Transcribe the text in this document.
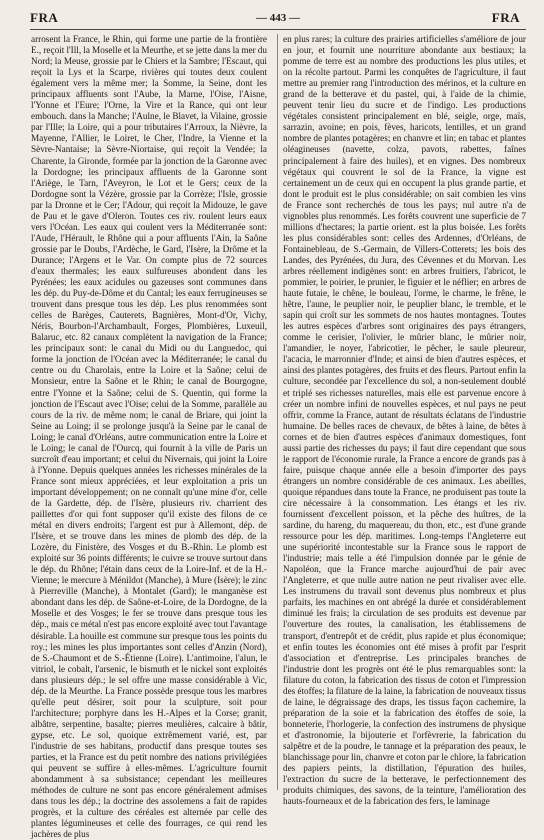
FRA	— 443 —	FRA

arrosent la France, le Rhin, qui forme une partie de la frontière E., reçoit l'Ill, la Moselle et la Meurthe, et se jette dans la mer du Nord; la Meuse, grossie par le Chiers et la Sambre; l'Escaut, qui reçoit la Lys et la Scarpe, rivières qui toutes deux coulent également vers la même mer; la Somme, la Seine, dont les principaux affluents sont l'Aube, la Marne, l'Oise, l'Aisne, l'Yonne et l'Eure; l'Orne, la Vire et la Rance, qui ont leur embouch. dans la Manche; l'Aulne, le Blavet, la Vilaine, grossie par l'Ille; la Loire, qui a pour tributaires l'Arroux, la Nièvre, la Mayenne, l'Allier, le Loiret, le Cher, l'Indre, la Vienne et la Sèvre-Nantaise; la Sèvre-Niortaise, qui reçoit la Vendée; la Charente, la Gironde, formée par la jonction de la Garonne avec la Dordogne; les principaux affluents de la Garonne sont l'Ariège, le Tarn, l'Aveyron, le Lot et le Gers; ceux de la Dordogne sont la Vézère, grossie par la Corrèze; l'Isle, grossie par la Dronne et le Cer; l'Adour, qui reçoit la Midouze, le gave de Pau et le gave d'Oleron. Toutes ces riv. roulent leurs eaux vers l'Océan. Les eaux qui coulent vers la Méditerranée sont: l'Aude, l'Hérault, le Rhône qui a pour affluents l'Ain, la Saône grossie par le Doubs, l'Ardèche, le Gard, l'Isère, la Drôme et la Durance; l'Argens et le Var. On compte plus de 72 sources d'eaux thermales; les eaux sulfureuses abondent dans les Pyrénées; les eaux acidules ou gazeuses sont communes dans les dép. du Puy-de-Dôme et du Cantal; les eaux ferrugineuses se trouvent dans presque tous les dép. Les plus renommées sont celles de Barèges, Cauterets, Bagnières, Mont-d'Or, Vichy, Néris, Bourbon-l'Archambault, Forges, Plombières, Luxeuil, Balaruc, etc. 82 canaux complètent la navigation de la France; les principaux sont: le canal du Midi ou du Languedoc, qui forme la jonction de l'Océan avec la Méditerranée; le canal du centre ou du Charolais, entre la Loire et la Saône; celui de Monsieur, entre la Saône et le Rhin; le canal de Bourgogne, entre l'Yonne et la Saône; celui de S. Quentin, qui forme la jonction de l'Escaut avec l'Oise; celui de la Somme, parallèle au cours de la riv. de même nom; le canal de Briare, qui joint la Seine au Loing; il se prolonge jusqu'à la Seine par le canal de Loing; le canal d'Orléans, autre communication entre la Loire et le Loing; le canal de l'Ourcq, qui fournit à la ville de Paris un surcroît d'eau important; et celui du Nivernais, qui joint la Loire à l'Yonne. Depuis quelques années les richesses minérales de la France sont mieux appréciées, et leur exploitation a pris un important développement; on ne connaît qu'une mine d'or, celle de la Gardette, dép. de l'Isère, plusieurs riv. charrient des paillettes d'or qui font supposer qu'il existe des filons de ce métal en divers endroits; l'argent est pur à Allemont, dép. de l'Isère, et se trouve dans les mines de plomb des dép. de la Lozère, du Finistère, des Vosges et du B.-Rhin. Le plomb est exploité sur 36 points différents; le cuivre se trouve surtout dans le dép. du Rhône; l'étain dans ceux de la Loire-Inf. et de la H.-Vienne; le mercure à Ménildot (Manche), à Mure (Isère); le zinc à Pierreville (Manche), à Montalet (Gard); le manganèse est abondant dans les dép. de Saône-et-Loire, de la Dordogne, de la Moselle et des Vosges; le fer se trouve dans presque tous les dép., mais ce métal n'est pas encore exploité avec tout l'avantage désirable. La houille est commune sur presque tous les points du roy.; les mines les plus importantes sont celles d'Anzin (Nord), de S.-Chaumont et de S.-Étienne (Loire). L'antimoine, l'alun, le vitriol, le cobalt, l'arsenic, le bismuth et le nickel sont exploités dans plusieurs dép.; le sel offre une masse considérable à Vic, dép. de la Meurthe. La France possède presque tous les marbres qu'elle peut désirer, soit pour la sculpture, soit pour l'architecture; porphyre dans les H.-Alpes et la Corse; granit, albâtre, serpentine, basalte; pierres meulières, calcaire à bâtir, gypse, etc. Le sol, quoique extrêmement varié, est, par l'industrie de ses habitans, productif dans presque toutes ses parties, et la France est du petit nombre des nations privilégiées qui peuvent se suffire à elles-mêmes. L'agriculture fournit abondamment à sa subsistance; cependant les meilleures méthodes de culture ne sont pas encore généralement admises dans tous les dép.; la doctrine des assolemens a fait de rapides progrès, et la culture des céréales est alternée par celle des plantes légumineuses et celle des fourrages, ce qui rend les jachères de plus

en plus rares; la culture des prairies artificielles s'améliore de jour en jour, et fournit une nourriture abondante aux bestiaux; la pomme de terre est au nombre des productions les plus utiles, et on la récolte partout. Parmi les conquêtes de l'agriculture, il faut mettre au premier rang l'introduction des mérinos, et la culture en grand de la betterave et du pastel, qui, à l'aide de la chimie, peuvent tenir lieu du sucre et de l'indigo. Les productions végétales consistent principalement en blé, seigle, orge, maïs, sarrazin, avoine; en pois, fèves, haricots, lentilles, et un grand nombre de plantes potagères; en chanvre et lin; en tabac et plantes oléagineuses (navette, colza, pavots, rabettes, faînes principalement à faire des huiles), et en vignes. Des nombreux végétaux qui couvrent le sol de la France, la vigne est certainement un de ceux qui en occupent la plus grande partie, et dont le produit est le plus considérable; on sait combien les vins de France sont recherchés de tous les pays; nul autre n'a de vignobles plus renommés. Les forêts couvrent une superficie de 7 millions d'hectares; la partie orient. est la plus boisée. Les forêts les plus considérables sont: celles des Ardennes, d'Orléans, de Fontainebleau, de S.-Germain, de Villers-Cotterets; les bois des Landes, des Pyrénées, du Jura, des Cévennes et du Morvan. Les arbres réellement indigènes sont: en arbres fruitiers, l'abricot, le pommier, le poirier, le prunier, le figuier et le néflier; en arbres de haute futaie, le chêne, le bouleau, l'orme, le charme, le frêne, le hêtre, l'aune, le peuplier noir, le peuplier blanc, le tremble, et le sapin qui croît sur les sommets de nos hautes montagnes. Toutes les autres espèces d'arbres sont originaires des pays étrangers, comme le cerisier, l'olivier, le mûrier blanc, le mûrier noir, l'amandier, le noyer, l'abricotier, le pêcher, le saule pleureur, l'acacia, le marronnier d'Inde; et ainsi de bien d'autres espèces, et ainsi des plantes potagères, des fruits et des fleurs. Partout enfin la culture, secondée par l'excellence du sol, a non-seulement doublé et triplé ses richesses naturelles, mais elle est parvenue encore à créer un nombre infini de nouvelles espèces, et nul pays ne peut offrir, comme la France, autant de résultats éclatans de l'industrie humaine. De belles races de chevaux, de bêtes à laine, de bêtes à cornes et de bien d'autres espèces d'animaux domestiques, font aussi partie des richesses du pays; il faut dire cependant que sous le rapport de l'économie rurale, la France a encore de grands pas à faire, puisque chaque année elle a besoin d'importer des pays étrangers un nombre considérable de ces animaux. Les abeilles, quoique répandues dans toute la France, ne produisent pas toute la cire nécessaire à la consommation. Les étangs et les riv. fournissent d'excellent poisson, et la pêche des huîtres, de la sardine, du hareng, du maquereau, du thon, etc., est d'une grande ressource pour les dép. maritimes. Long-temps l'Angleterre eut une supériorité incontestable sur la France sous le rapport de l'industrie; mais telle a été l'impulsion donnée par le génie de Napoléon, que la France marche aujourd'hui de pair avec l'Angleterre, et que nulle autre nation ne peut rivaliser avec elle. Les instrumens du travail sont devenus plus nombreux et plus parfaits, les machines en ont abrégé la durée et considérablement diminué les frais; la circulation de ses produits est devenue par l'ouverture des routes, la canalisation, les établissemens de transport, d'entrepôt et de crédit, plus rapide et plus économique; et enfin toutes les économies ont été mises à profit par l'esprit d'association et d'entreprise. Les principales branches de l'industrie dont les progrès ont été le plus remarquables sont: la filature du coton, la fabrication des tissus de coton et l'impression des étoffes; la filature de la laine, la fabrication de nouveaux tissus de laine, le dégraissage des draps, les tissus façon cachemire, la préparation de la soie et la fabrication des étoffes de soie, la bonneterie, l'horlogerie, la confection des instrumens de physique et d'astronomie, la bijouterie et l'orfèvrerie, la fabrication du salpêtre et de la poudre, le tannage et la préparation des peaux, le blanchissage pour lin, chanvre et coton par le chlore, la fabrication des papiers peints, la distillation, l'épuration des huiles, l'extraction du sucre de la betterave, le perfectionnement des produits chimiques, des savons, de la teinture, l'amélioration des hauts-fourneaux et de la fabrication des fers, le laminage
